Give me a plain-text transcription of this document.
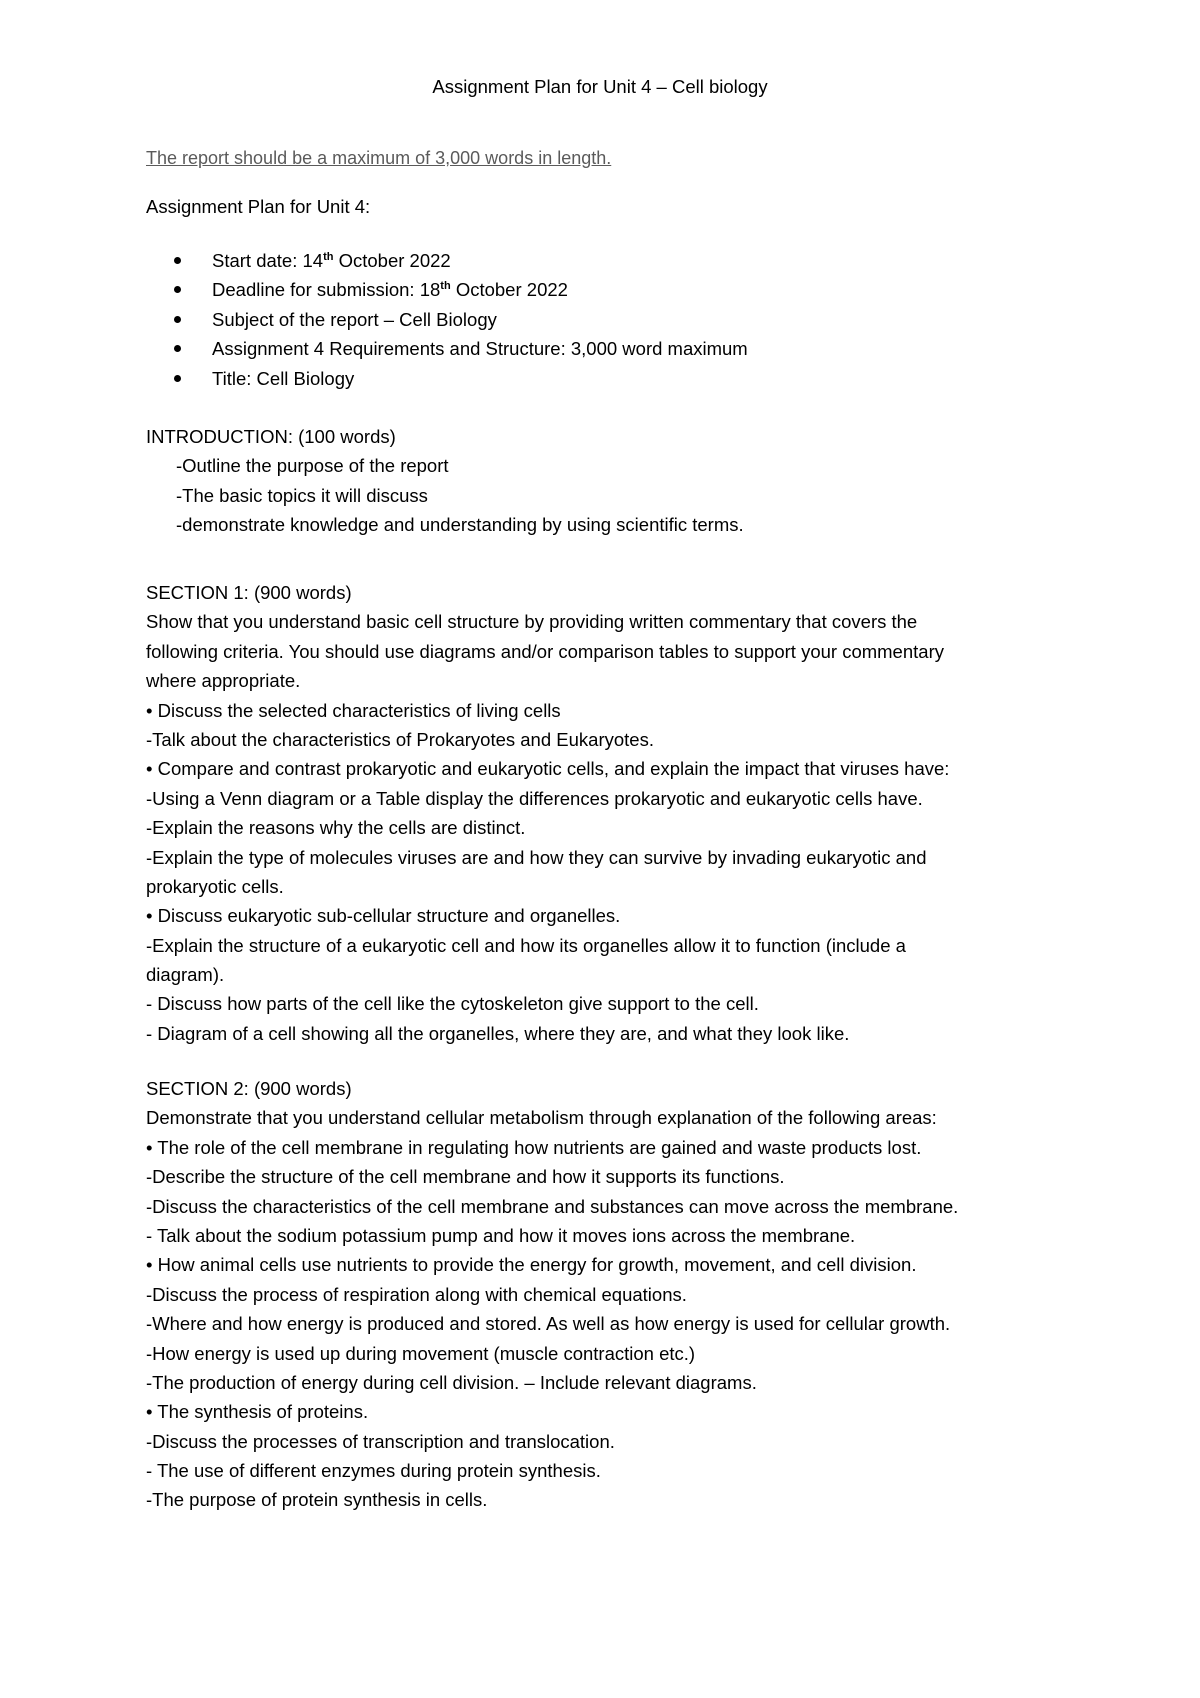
Assignment Plan for Unit 4 – Cell biology
The report should be a maximum of 3,000 words in length.
Assignment Plan for Unit 4:
Start date: 14th October 2022
Deadline for submission: 18th October 2022
Subject of the report – Cell Biology
Assignment 4 Requirements and Structure: 3,000 word maximum
Title: Cell Biology
INTRODUCTION: (100 words)
-Outline the purpose of the report
-The basic topics it will discuss
-demonstrate knowledge and understanding by using scientific terms.
SECTION 1: (900 words)
Show that you understand basic cell structure by providing written commentary that covers the
following criteria. You should use diagrams and/or comparison tables to support your commentary
where appropriate.
• Discuss the selected characteristics of living cells
-Talk about the characteristics of Prokaryotes and Eukaryotes.
• Compare and contrast prokaryotic and eukaryotic cells, and explain the impact that viruses have:
-Using a Venn diagram or a Table display the differences prokaryotic and eukaryotic cells have.
-Explain the reasons why the cells are distinct.
-Explain the type of molecules viruses are and how they can survive by invading eukaryotic and
prokaryotic cells.
• Discuss eukaryotic sub-cellular structure and organelles.
-Explain the structure of a eukaryotic cell and how its organelles allow it to function (include a
diagram).
- Discuss how parts of the cell like the cytoskeleton give support to the cell.
- Diagram of a cell showing all the organelles, where they are, and what they look like.
SECTION 2: (900 words)
Demonstrate that you understand cellular metabolism through explanation of the following areas:
• The role of the cell membrane in regulating how nutrients are gained and waste products lost.
-Describe the structure of the cell membrane and how it supports its functions.
-Discuss the characteristics of the cell membrane and substances can move across the membrane.
- Talk about the sodium potassium pump and how it moves ions across the membrane.
• How animal cells use nutrients to provide the energy for growth, movement, and cell division.
-Discuss the process of respiration along with chemical equations.
-Where and how energy is produced and stored. As well as how energy is used for cellular growth.
-How energy is used up during movement (muscle contraction etc.)
-The production of energy during cell division. – Include relevant diagrams.
• The synthesis of proteins.
-Discuss the processes of transcription and translocation.
- The use of different enzymes during protein synthesis.
-The purpose of protein synthesis in cells.
